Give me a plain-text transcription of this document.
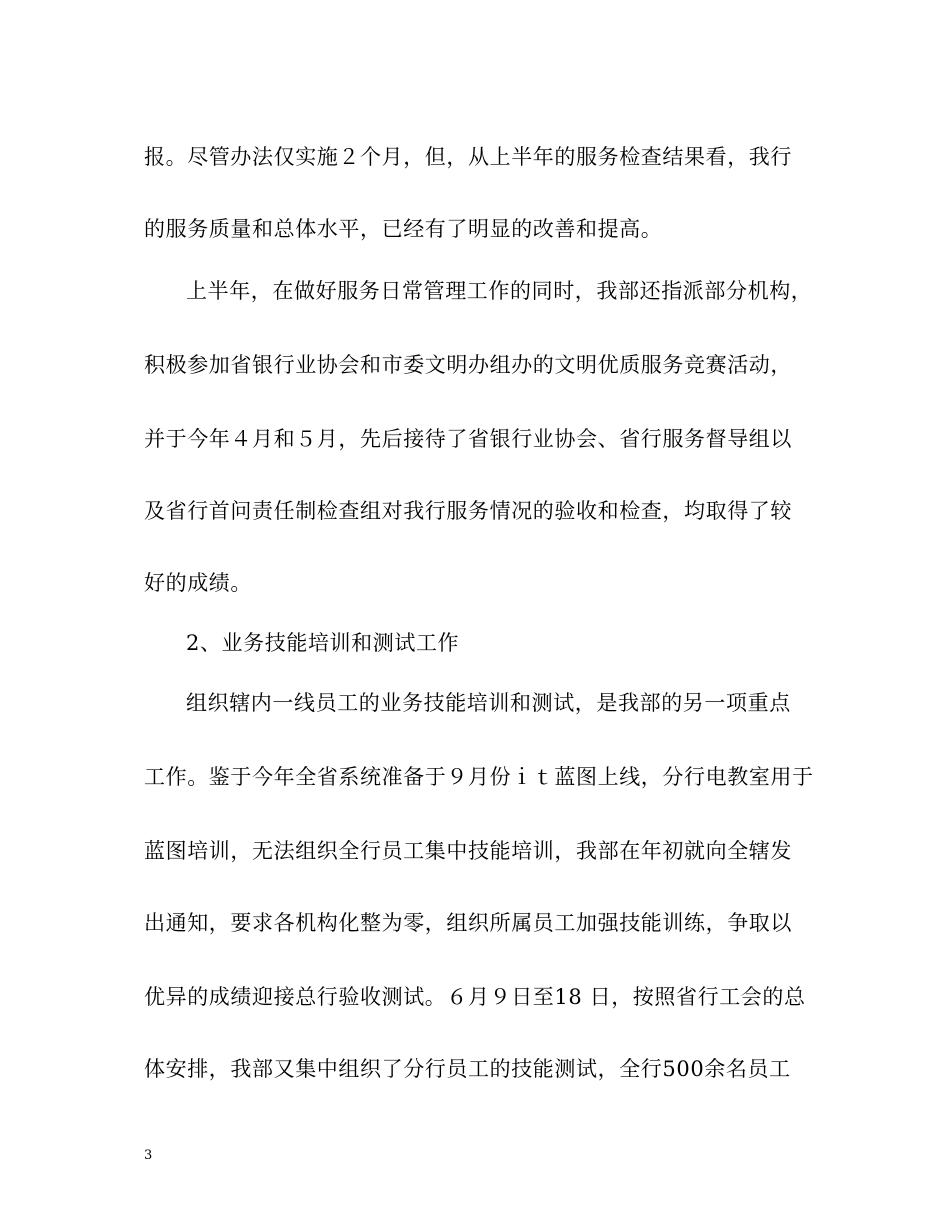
报。尽管办法仅实施２个月，但，从上半年的服务检查结果看，我行
的服务质量和总体水平，已经有了明显的改善和提高。
上半年，在做好服务日常管理工作的同时，我部还指派部分机构，
积极参加省银行业协会和市委文明办组办的文明优质服务竞赛活动，
并于今年４月和５月，先后接待了省银行业协会、省行服务督导组以
及省行首问责任制检查组对我行服务情况的验收和检查，均取得了较
好的成绩。
2、业务技能培训和测试工作
组织辖内一线员工的业务技能培训和测试，是我部的另一项重点
工作。鉴于今年全省系统准备于９月份ｉｔ蓝图上线，分行电教室用于
蓝图培训，无法组织全行员工集中技能培训，我部在年初就向全辖发
出通知，要求各机构化整为零，组织所属员工加强技能训练，争取以
优异的成绩迎接总行验收测试。６月９日至18 日，按照省行工会的总
体安排，我部又集中组织了分行员工的技能测试，全行500余名员工
3
